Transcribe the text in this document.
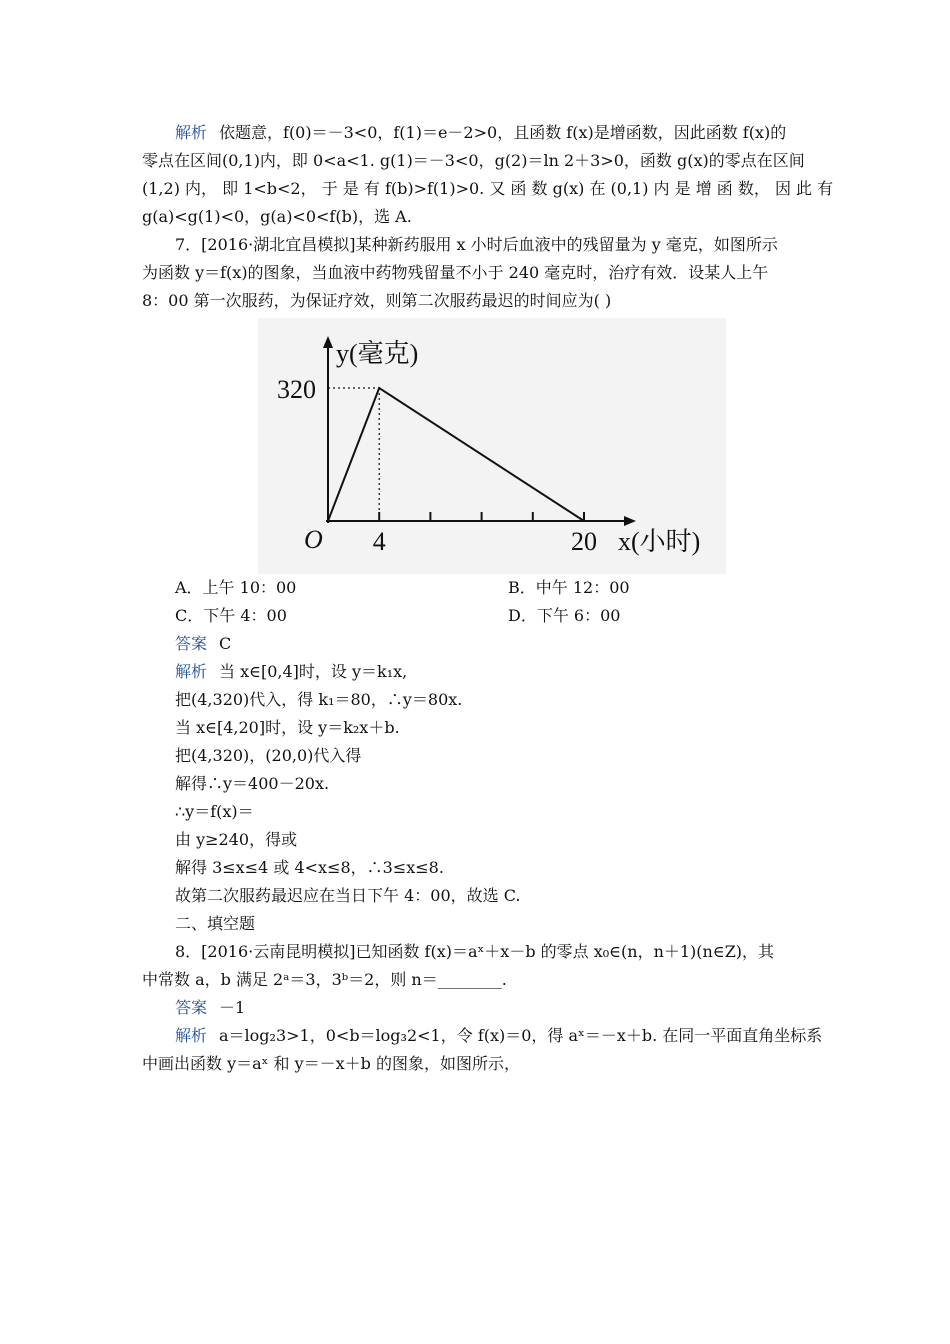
解析 依题意，f(0)＝－3<0，f(1)＝e－2>0，且函数 f(x)是增函数，因此函数 f(x)的
零点在区间(0,1)内，即 0<a<1. g(1)＝－3<0，g(2)＝ln 2＋3>0，函数 g(x)的零点在区间
(1,2) 内， 即 1<b<2， 于 是 有 f(b)>f(1)>0. 又 函 数 g(x) 在 (0,1) 内 是 增 函 数， 因 此 有
g(a)<g(1)<0，g(a)<0<f(b)，选 A.
7．[2016·湖北宜昌模拟]某种新药服用 x 小时后血液中的残留量为 y 毫克，如图所示
为函数 y＝f(x)的图象，当血液中药物残留量不小于 240 毫克时，治疗有效．设某人上午
8：00 第一次服药，为保证疗效，则第二次服药最迟的时间应为( )
4	20
320
y(毫克)
x(小时)
O
A．上午 10：00	B．中午 12：00
C．下午 4：00	D．下午 6：00
答案 C
解析 当 x∈[0,4]时，设 y＝k₁x,
把(4,320)代入，得 k₁＝80，∴y＝80x.
当 x∈[4,20]时，设 y＝k₂x＋b.
把(4,320)，(20,0)代入得
解得∴y＝400－20x.
∴y＝f(x)＝
由 y≥240，得或
解得 3≤x≤4 或 4<x≤8，∴3≤x≤8.
故第二次服药最迟应在当日下午 4：00，故选 C.
二、填空题
8．[2016·云南昆明模拟]已知函数 f(x)＝aˣ＋x－b 的零点 x₀∈(n，n＋1)(n∈Z)，其
中常数 a，b 满足 2ᵃ＝3，3ᵇ＝2，则 n＝________.
答案 －1
解析 a＝log₂3>1，0<b＝log₃2<1，令 f(x)＝0，得 aˣ＝－x＋b. 在同一平面直角坐标系
中画出函数 y＝aˣ 和 y＝－x＋b 的图象，如图所示，
